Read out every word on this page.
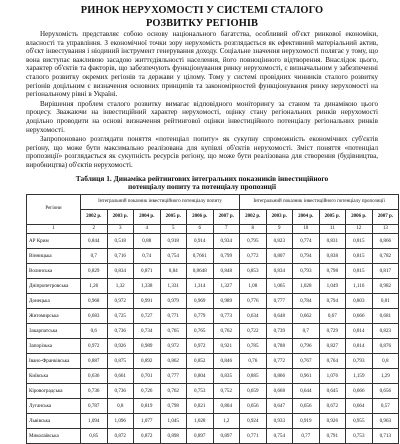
РИНОК НЕРУХОМОСТІ У СИСТЕМІ СТАЛОГО
РОЗВИТКУ РЕГІОНІВ

Нерухомість представляє собою основу національного багатства, особливий об'єкт ринкової економіки, власності та управління. З економічної точки зору нерухомість розглядається як ефективний матеріальний актив, об'єкт інвестування і ніодиний інструмент генерування доходу. Соціальне значення нерухомості полягає у тому, що вона виступає важливою засадою життєдіяльності населення, його повноцінного відтворення. Внаслідок цього, характер об'єктів та факторів, що забезпечують функціонування ринку нерухомості, є визначальним у забезпеченні сталого розвитку окремих регіонів та держави у цілому. Тому у системі провідних чинників сталого розвитку регіонів доцільним є визначення основних принципів та закономірностей функціонування ринку нерухомості на регіональному рівні в Україні.

Вирішення проблем сталого розвитку вимагає відповідного моніторингу за станом та динамікою цього процесу. Зважаючи на інвестиційний характер нерухомості, оцінку стану регіональних ринків нерухомості доцільно проводити на основі визначення рейтингової оцінки інвестиційного потенціалу регіональних ринків нерухомості.

Запропоновано розглядати поняття «потенціал попиту» як сукупну спроможність економічних суб'єктів регіону, що може бути максимально реалізована для купівлі об'єктів нерухомості. Зміст поняття «потенціал пропозиції» розглядається як сукупність ресурсів регіону, що може бути реалізована для створення (будівництва, виробництва) об'єктів нерухомості.

Таблиця 1. Динаміка рейтингових інтегральних показників інвестиційного
потенціалу попиту та потенціалу пропозиції
Регіони	Інтегральний показник інвестиційного потенціалу попиту						Інтегральний показник інвестиційного потенціалу пропозиції					
	2002 р.	2003 р.	2004 р.	2005 р.	2006 р.	2007 р.	2002 р.	2003 р.	2004 р.	2005 р.	2006 р.	2007 р.
1	2	3	4	5	6	7	8	9	10	11	12	13
АР Крим	0,844	0,518	0,88	0,918	0,914	0,934	0,795	0,823	0,774	0,831	0,815	0,866
Вінницька	0,7	0,716	0,74	0,754	0,7661	0,799	0,772	0,807	0,794	0,838	0,815	0,782
Волинська	0,829	0,834	0,871	0,84	0,8648	0,848	0,853	0,834	0,793	0,798	0,815	0,817
Дніпропетровська	1,26	1,32	1,338	1,331	1,314	1,327	1,08	1,065	1,028	1,049	1,116	0,982
Донецька	0,968	0,972	0,991	0,979	0,969	0,989	0,776	0,777	0,784	0,794	0,803	0,81
Житомирська	0,683	0,725	0,727	0,771	0,779	0,773	0,634	0,648	0,662	0,67	0,666	0,681
Закарпатська	0,6	0,736	0,734	0,765	0,765	0,762	0,722	0,739	0,7	0,729	0,814	0,823
Запорізька	0,972	0,926	0,989	0,972	0,972	0,921	0,785	0,788	0,796	0,827	0,814	0,876
Івано-Франківська	0,887	0,875	0,892	0,862	0,852	0,846	0,76	0,772	0,767	0,764	0,793	0,8
Київська	0,636	0,661	0,701	0,777	0,804	0,835	0,885	0,866	0,961	1,076	1,159	1,29
Кіровоградська	0,736	0,736	0,726	0,762	0,753	0,752	0,659	0,668	0,644	0,645	0,666	0,656
Луганська	0,787	0,8	0,819	0,798	0,821	0,804	0,656	0,647	0,656	0,672	0,664	0,57
Львівська	1,094	1,096	1,077	1,045	1,028	1,2	0,924	0,933	0,919	0,926	0,955	0,963
Миколаївська	0,85	0,872	0,872	0,898	0,897	0,897	0,771	0,754	0,77	0,791	0,753	0,713
